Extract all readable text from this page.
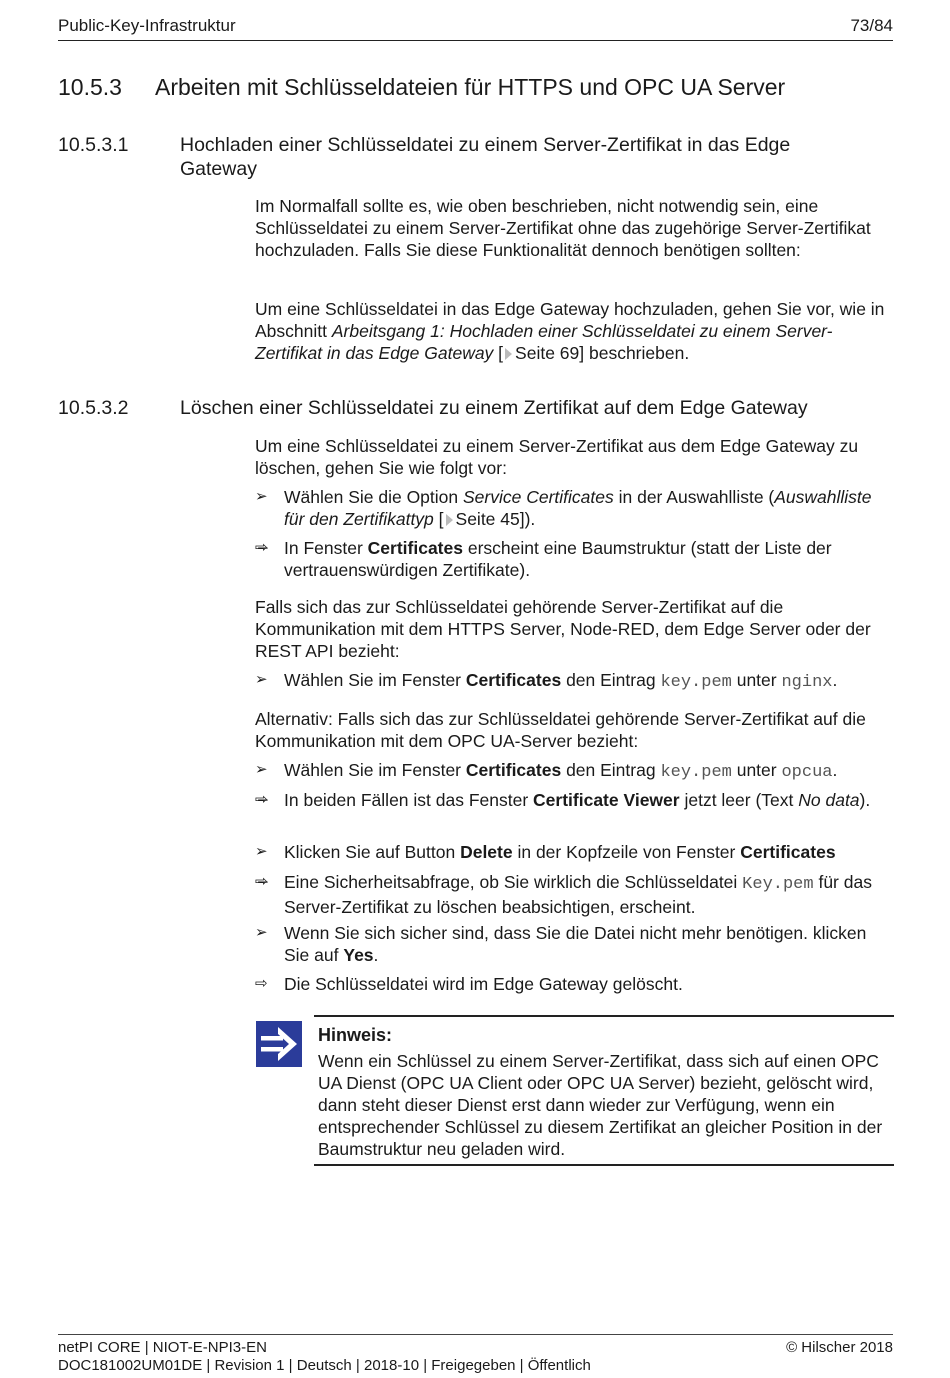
Public-Key-Infrastruktur	73/84
10.5.3 Arbeiten mit Schlüsseldateien für HTTPS und OPC UA Server
10.5.3.1	Hochladen einer Schlüsseldatei zu einem Server-Zertifikat in das Edge Gateway
Im Normalfall sollte es, wie oben beschrieben, nicht notwendig sein, eine Schlüsseldatei zu einem Server-Zertifikat ohne das zugehörige Server-Zertifikat hochzuladen. Falls Sie diese Funktionalität dennoch benötigen sollten:
Um eine Schlüsseldatei in das Edge Gateway hochzuladen, gehen Sie vor, wie in Abschnitt Arbeitsgang 1: Hochladen einer Schlüsseldatei zu einem Server-Zertifikat in das Edge Gateway [ Seite 69] beschrieben.
10.5.3.2	Löschen einer Schlüsseldatei zu einem Zertifikat auf dem Edge Gateway
Um eine Schlüsseldatei zu einem Server-Zertifikat aus dem Edge Gateway zu löschen, gehen Sie wie folgt vor:
➢ Wählen Sie die Option Service Certificates in der Auswahlliste (Auswahlliste für den Zertifikattyp [ Seite 45]).
⇨̶ In Fenster Certificates erscheint eine Baumstruktur (statt der Liste der vertrauenswürdigen Zertifikate).
Falls sich das zur Schlüsseldatei gehörende Server-Zertifikat auf die Kommunikation mit dem HTTPS Server, Node-RED, dem Edge Server oder der REST API bezieht:
➢ Wählen Sie im Fenster Certificates den Eintrag key.pem unter nginx.
Alternativ: Falls sich das zur Schlüsseldatei gehörende Server-Zertifikat auf die Kommunikation mit dem OPC UA-Server bezieht:
➢ Wählen Sie im Fenster Certificates den Eintrag key.pem unter opcua.
⇨̶ In beiden Fällen ist das Fenster Certificate Viewer jetzt leer (Text No data).
➢ Klicken Sie auf Button Delete in der Kopfzeile von Fenster Certificates
⇨̶ Eine Sicherheitsabfrage, ob Sie wirklich die Schlüsseldatei Key.pem für das Server-Zertifikat zu löschen beabsichtigen, erscheint.
➢ Wenn Sie sich sicher sind, dass Sie die Datei nicht mehr benötigen. klicken Sie auf Yes.
⇨ Die Schlüsseldatei wird im Edge Gateway gelöscht.
Hinweis:
Wenn ein Schlüssel zu einem Server-Zertifikat, dass sich auf einen OPC UA Dienst (OPC UA Client oder OPC UA Server) bezieht, gelöscht wird, dann steht dieser Dienst erst dann wieder zur Verfügung, wenn ein entsprechender Schlüssel zu diesem Zertifikat an gleicher Position in der Baumstruktur neu geladen wird.
netPI CORE | NIOT-E-NPI3-EN
DOC181002UM01DE | Revision 1 | Deutsch | 2018-10 | Freigegeben | Öffentlich
© Hilscher 2018
